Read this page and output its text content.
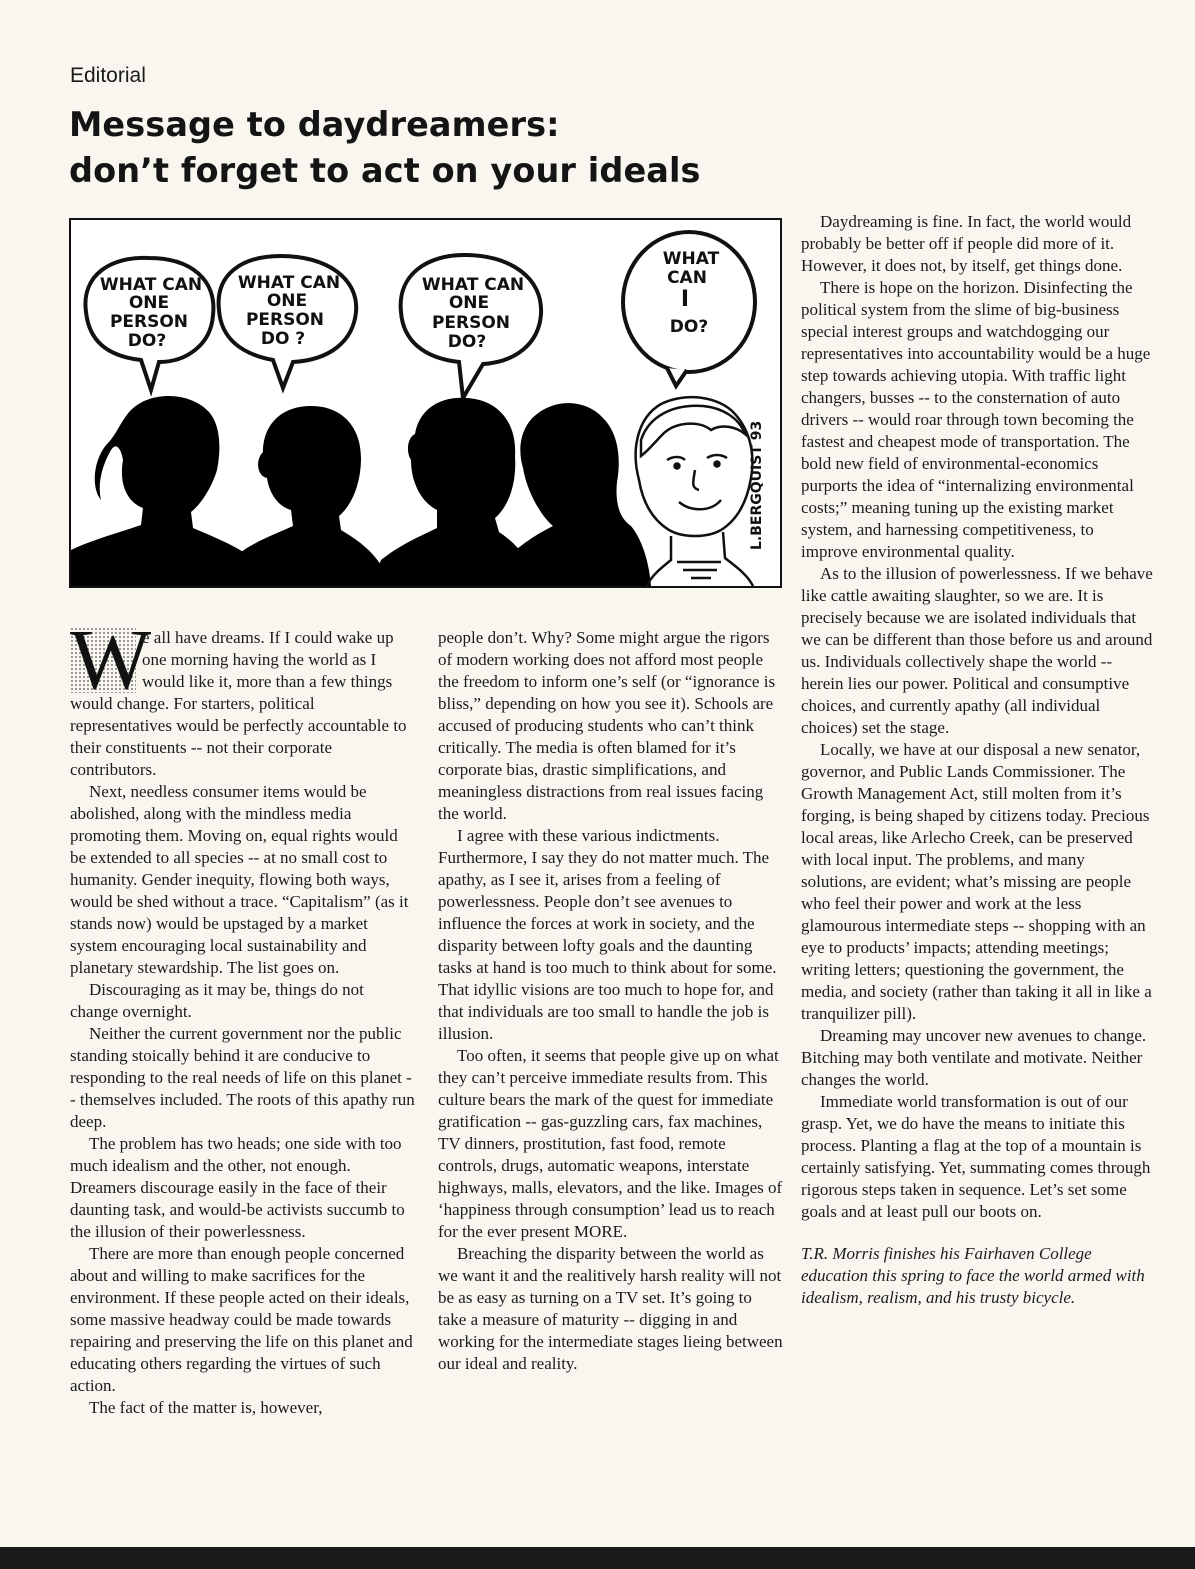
Editorial
Message to daydreamers:
don’t forget to act on your ideals
WHAT CAN
ONE
PERSON
DO?
WHAT CAN
ONE
PERSON
DO ?
WHAT CAN
ONE
PERSON
DO?
WHAT
CAN
I
DO?
L.BERGQUIST 93

W
e all have dreams. If I could wake up one morning having the world as I would like it, more than a few things would change. For starters, political representatives would be perfectly accountable to their constituents -- not their corporate contributors.

Next, needless consumer items would be abolished, along with the mindless media promoting them. Moving on, equal rights would be extended to all species -- at no small cost to humanity. Gender inequity, flowing both ways, would be shed without a trace. “Capitalism” (as it stands now) would be upstaged by a market system encouraging local sustainability and planetary stewardship. The list goes on.

Discouraging as it may be, things do not change overnight.

Neither the current government nor the public standing stoically behind it are conducive to responding to the real needs of life on this planet -- themselves included. The roots of this apathy run deep.

The problem has two heads; one side with too much idealism and the other, not enough. Dreamers discourage easily in the face of their daunting task, and would-be activists succumb to the illusion of their powerlessness.

There are more than enough people concerned about and willing to make sacrifices for the environment. If these people acted on their ideals, some massive headway could be made towards repairing and preserving the life on this planet and educating others regarding the virtues of such action.

The fact of the matter is, however,

people don’t. Why? Some might argue the rigors of modern working does not afford most people the freedom to inform one’s self (or “ignorance is bliss,” depending on how you see it). Schools are accused of producing students who can’t think critically. The media is often blamed for it’s corporate bias, drastic simplifications, and meaningless distractions from real issues facing the world.

I agree with these various indictments. Furthermore, I say they do not matter much. The apathy, as I see it, arises from a feeling of powerlessness. People don’t see avenues to influence the forces at work in society, and the disparity between lofty goals and the daunting tasks at hand is too much to think about for some. That idyllic visions are too much to hope for, and that individuals are too small to handle the job is illusion.

Too often, it seems that people give up on what they can’t perceive immediate results from. This culture bears the mark of the quest for immediate gratification -- gas-guzzling cars, fax machines, TV dinners, prostitution, fast food, remote controls, drugs, automatic weapons, interstate highways, malls, elevators, and the like. Images of ‘happiness through consumption’ lead us to reach for the ever present MORE.

Breaching the disparity between the world as we want it and the realitively harsh reality will not be as easy as turning on a TV set. It’s going to take a measure of maturity -- digging in and working for the intermediate stages lieing between our ideal and reality.

Daydreaming is fine. In fact, the world would probably be better off if people did more of it. However, it does not, by itself, get things done.

There is hope on the horizon. Disinfecting the political system from the slime of big-business special interest groups and watchdogging our representatives into accountability would be a huge step towards achieving utopia. With traffic light changers, busses -- to the consternation of auto drivers -- would roar through town becoming the fastest and cheapest mode of transportation. The bold new field of environmental-economics purports the idea of “internalizing environmental costs;” meaning tuning up the existing market system, and harnessing competitiveness, to improve environmental quality.

As to the illusion of powerlessness. If we behave like cattle awaiting slaughter, so we are. It is precisely because we are isolated individuals that we can be different than those before us and around us. Individuals collectively shape the world -- herein lies our power. Political and consumptive choices, and currently apathy (all individual choices) set the stage.

Locally, we have at our disposal a new senator, governor, and Public Lands Commissioner. The Growth Management Act, still molten from it’s forging, is being shaped by citizens today. Precious local areas, like Arlecho Creek, can be preserved with local input. The problems, and many solutions, are evident; what’s missing are people who feel their power and work at the less glamourous intermediate steps -- shopping with an eye to products’ impacts; attending meetings; writing letters; questioning the government, the media, and society (rather than taking it all in like a tranquilizer pill).

Dreaming may uncover new avenues to change. Bitching may both ventilate and motivate. Neither changes the world.

Immediate world transformation is out of our grasp. Yet, we do have the means to initiate this process. Planting a flag at the top of a mountain is certainly satisfying. Yet, summating comes through rigorous steps taken in sequence. Let’s set some goals and at least pull our boots on.

T.R. Morris finishes his Fairhaven College education this spring to face the world armed with idealism, realism, and his trusty bicycle.
